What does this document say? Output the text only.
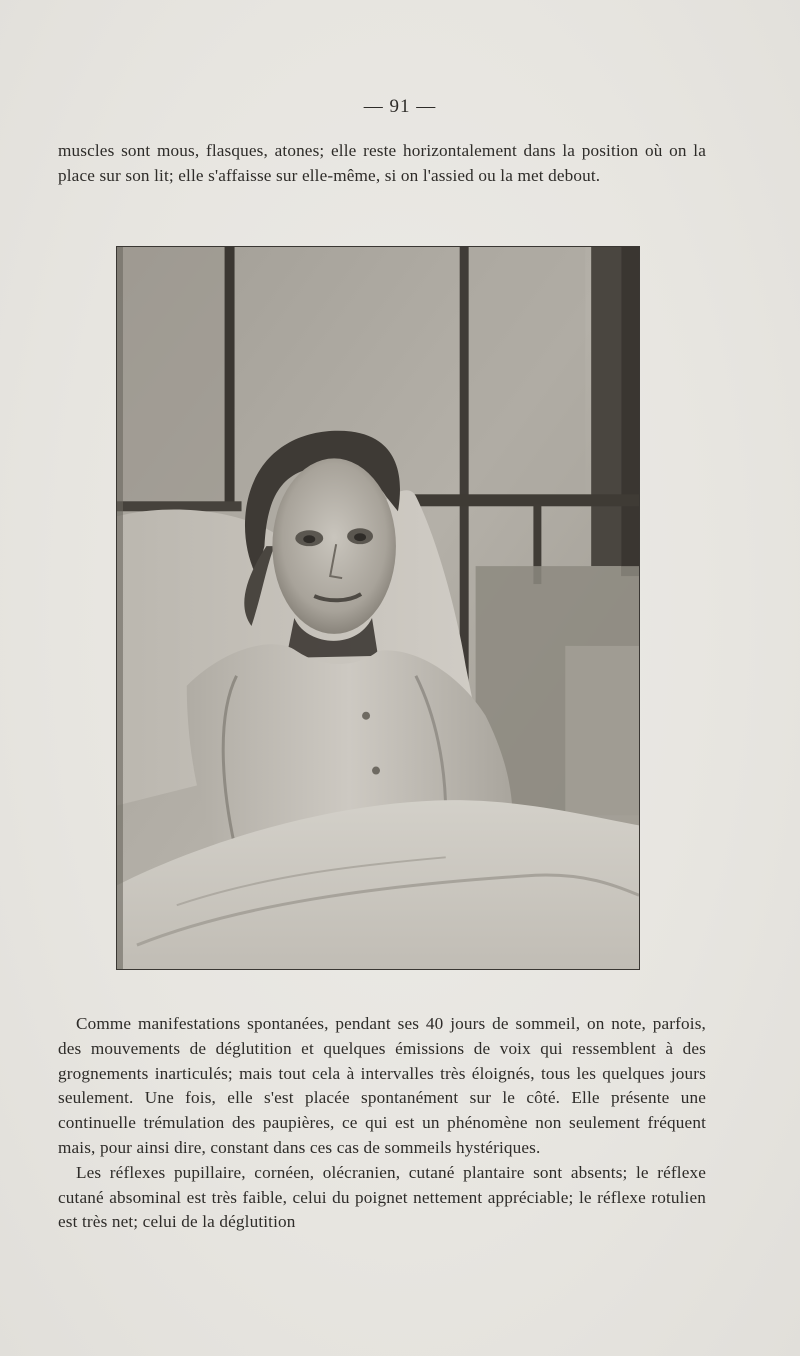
— 91 —

muscles sont mous, flasques, atones; elle reste horizontalement dans la position où on la place sur son lit; elle s'affaisse sur elle-même, si on l'assied ou la met debout.

Comme manifestations spontanées, pendant ses 40 jours de sommeil, on note, parfois, des mouvements de déglutition et quelques émissions de voix qui ressemblent à des grognements inarticulés; mais tout cela à intervalles très éloignés, tous les quelques jours seulement. Une fois, elle s'est placée spontanément sur le côté. Elle présente une continuelle trémulation des paupières, ce qui est un phénomène non seulement fréquent mais, pour ainsi dire, constant dans ces cas de sommeils hystériques.

Les réflexes pupillaire, cornéen, olécranien, cutané plantaire sont absents; le réflexe cutané absominal est très faible, celui du poignet nettement appréciable; le réflexe rotulien est très net; celui de la déglutition
